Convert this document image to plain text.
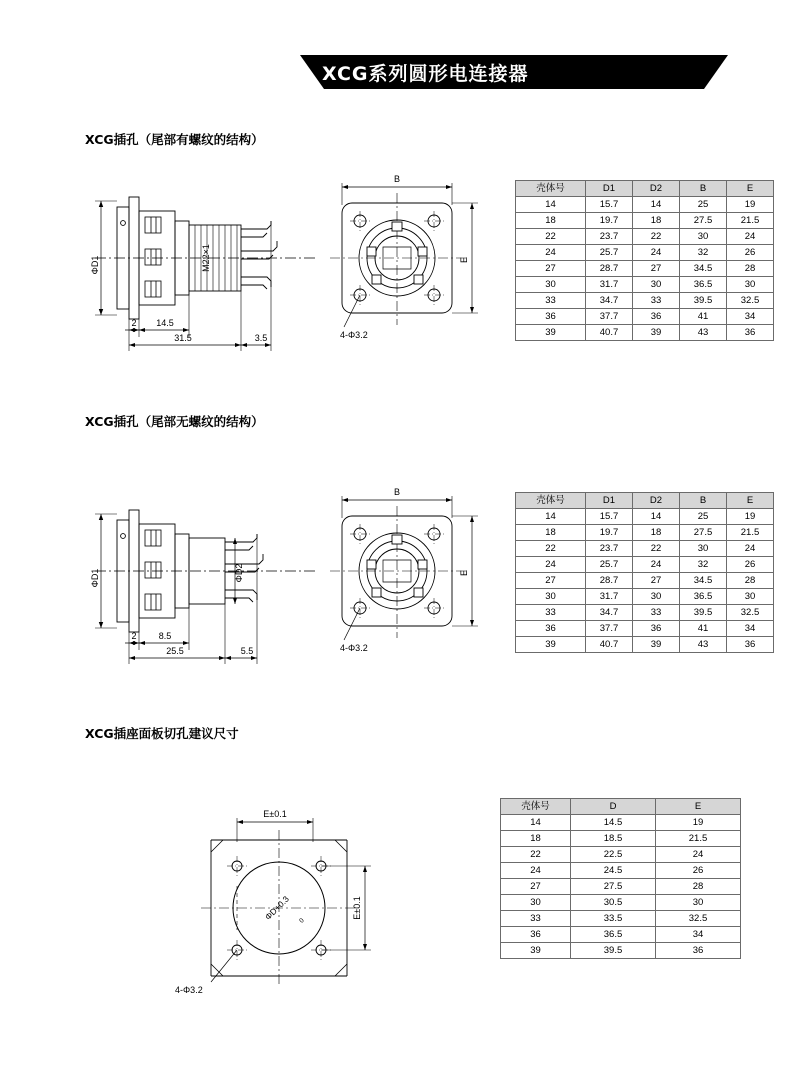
XCG系列圆形电连接器
XCG插孔（尾部有螺纹的结构）
ΦD1	M22×1
2 14.5
31.5	3.5
B
E
4-Φ3.2
壳体号	D1	D2	B	E
14	15.7	14	25	19
18	19.7	18	27.5	21.5
22	23.7	22	30	24
24	25.7	24	32	26
27	28.7	27	34.5	28
30	31.7	30	36.5	30
33	34.7	33	39.5	32.5
36	37.7	36	41	34
39	40.7	39	43	36
XCG插孔（尾部无螺纹的结构）
ΦD1	ΦD2
2 8.5
25.5	5.5
B
E
4-Φ3.2
壳体号	D1	D2	B	E
14	15.7	14	25	19
18	19.7	18	27.5	21.5
22	23.7	22	30	24
24	25.7	24	32	26
27	28.7	27	34.5	28
30	31.7	30	36.5	30
33	34.7	33	39.5	32.5
36	37.7	36	41	34
39	40.7	39	43	36
XCG插座面板切孔建议尺寸
E±0.1
ΦD+0.3 0
E±0.1
4-Φ3.2
壳体号	D	E
14	14.5	19
18	18.5	21.5
22	22.5	24
24	24.5	26
27	27.5	28
30	30.5	30
33	33.5	32.5
36	36.5	34
39	39.5	36
